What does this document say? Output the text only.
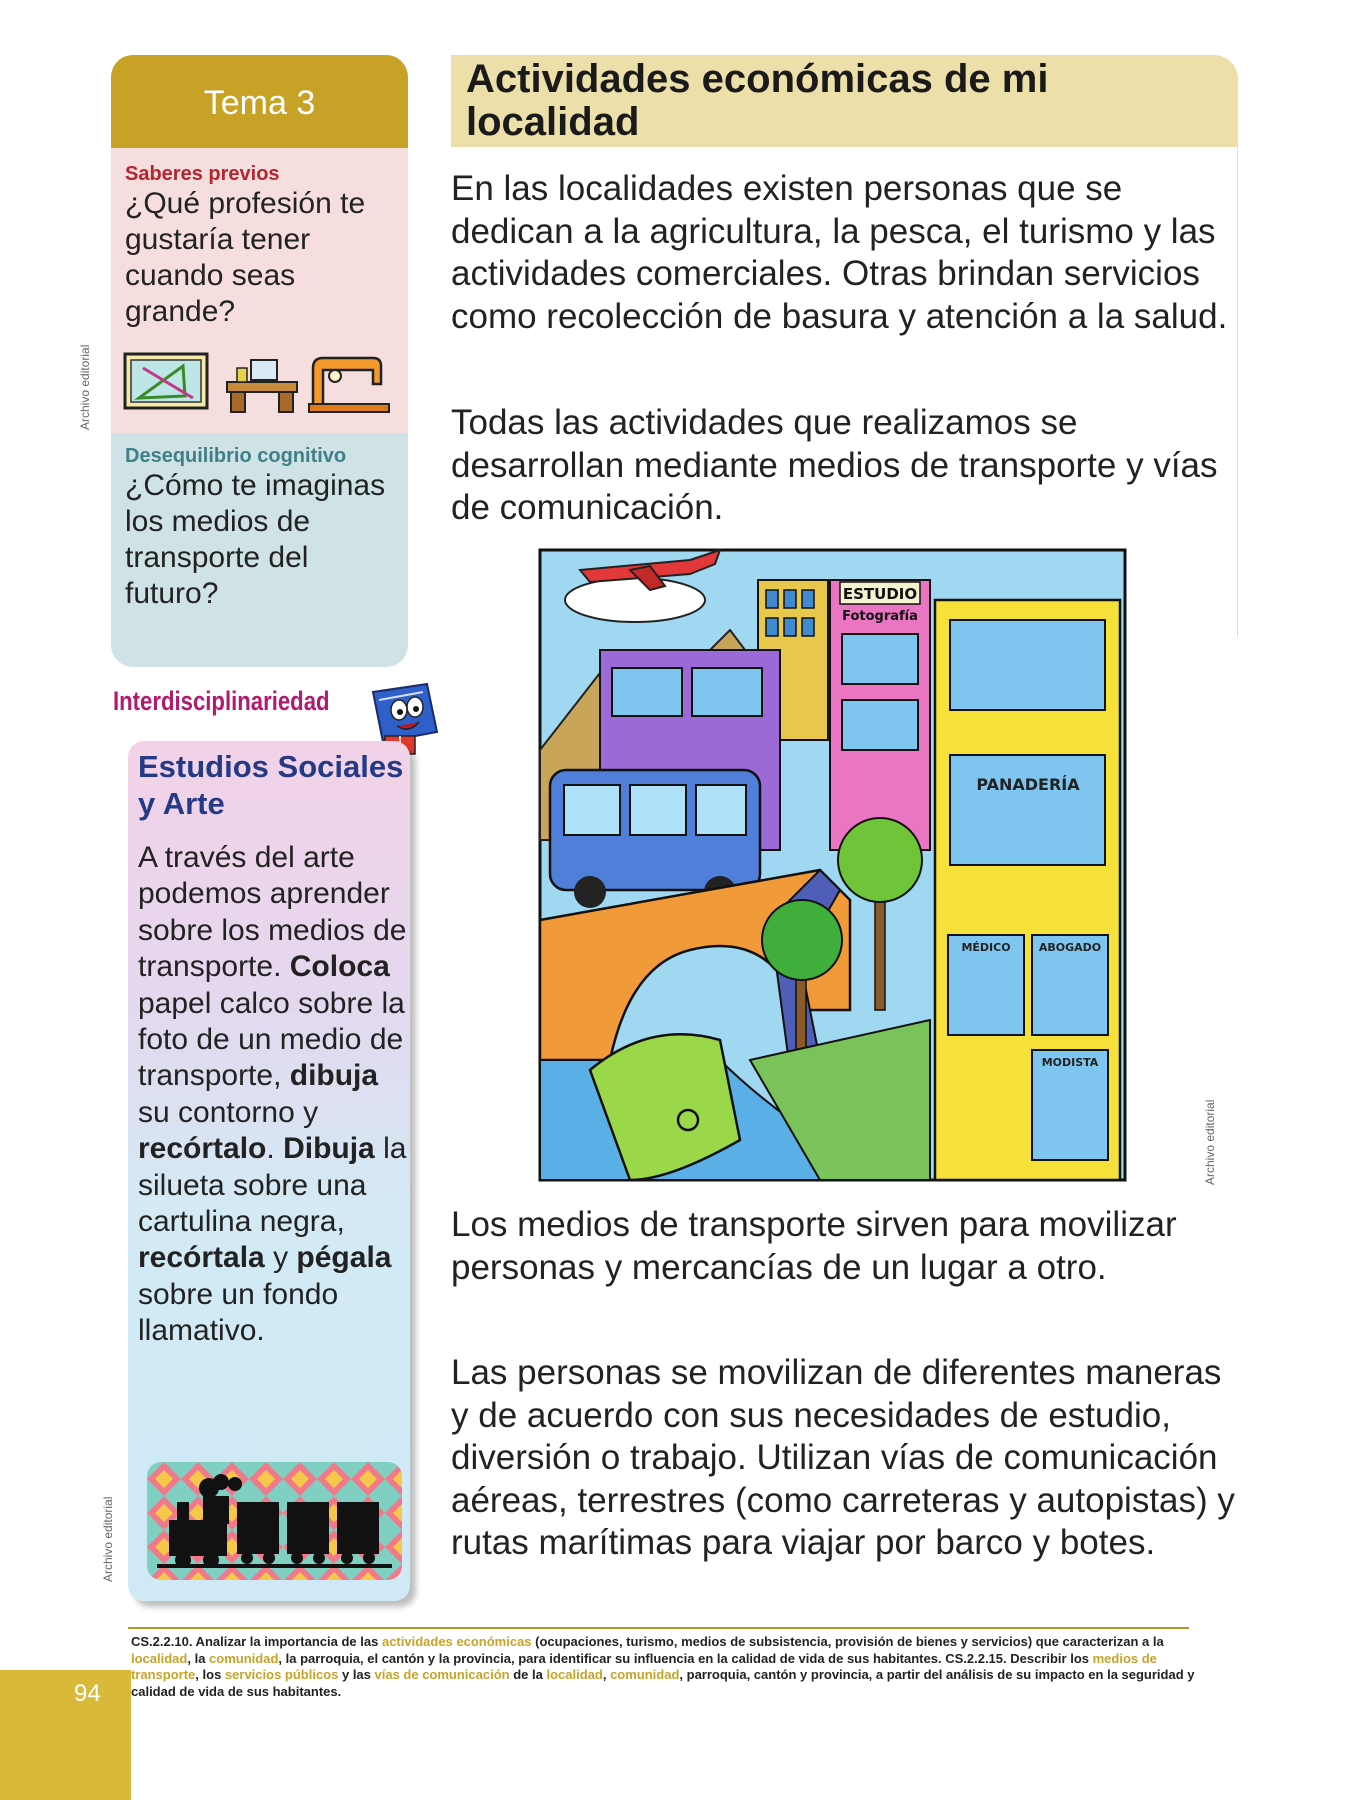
Tema 3
Saberes previos
¿Qué profesión te gustaría tener cuando seas grande?
Desequilibrio cognitivo
¿Cómo te imaginas los medios de transporte del futuro?
Archivo editorial
Interdisciplinariedad
Estudios Sociales y Arte
A través del arte podemos aprender sobre los medios de transporte. Coloca papel calco sobre la foto de un medio de transporte, dibuja su contorno y recórtalo. Dibuja la silueta sobre una cartulina negra, recórtala y pégala sobre un fondo llamativo.
Archivo editorial
Actividades económicas de mi localidad
En las localidades existen personas que se dedican a la agricultura, la pesca, el turismo y las actividades comerciales. Otras brindan servicios como recolección de basura y atención a la salud.
Todas las actividades que realizamos se desarrollan mediante medios de transporte y vías de comunicación.
ESTUDIO
Fotografía
PANADERÍA
MÉDICO	ABOGADO
MODISTA
Archivo editorial
Los medios de transporte sirven para movilizar personas y mercancías de un lugar a otro.
Las personas se movilizan de diferentes maneras y de acuerdo con sus necesidades de estudio, diversión o trabajo. Utilizan vías de comunicación aéreas, terrestres (como carreteras y autopistas) y rutas marítimas para viajar por barco y botes.
CS.2.2.10. Analizar la importancia de las actividades económicas (ocupaciones, turismo, medios de subsistencia, provisión de bienes y servicios) que caracterizan a la localidad, la comunidad, la parroquia, el cantón y la provincia, para identificar su influencia en la calidad de vida de sus habitantes. CS.2.2.15. Describir los medios de transporte, los servicios públicos y las vías de comunicación de la localidad, comunidad, parroquia, cantón y provincia, a partir del análisis de su impacto en la seguridad y calidad de vida de sus habitantes.
94
